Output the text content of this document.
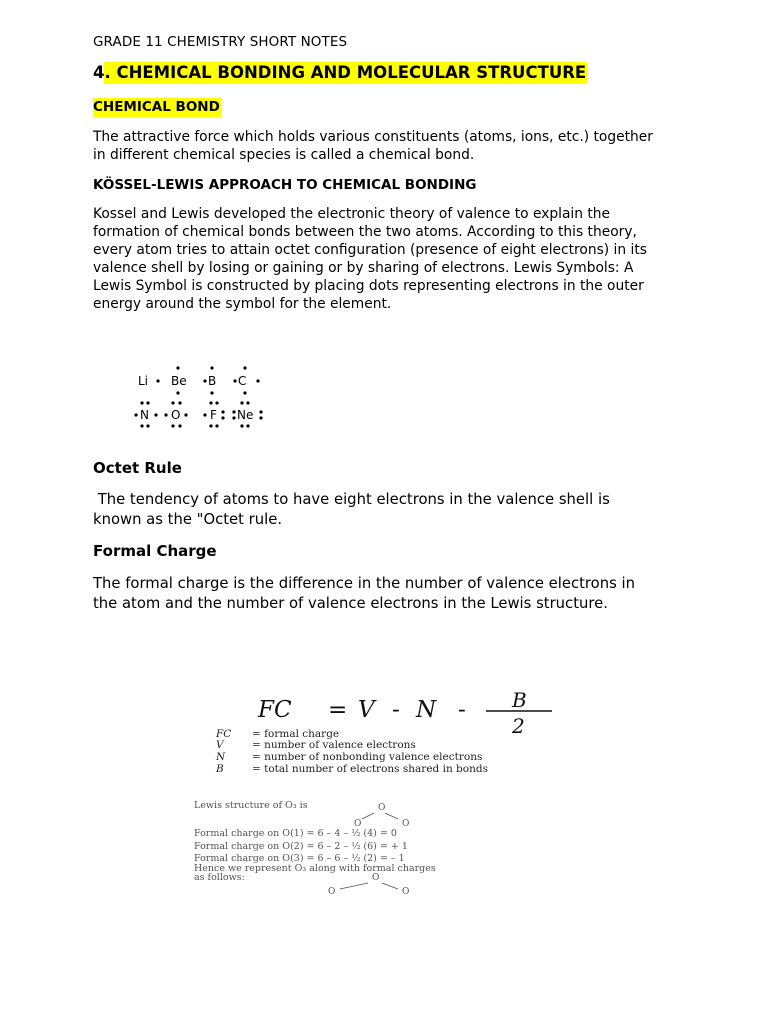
GRADE 11 CHEMISTRY SHORT NOTES
4. CHEMICAL BONDING AND MOLECULAR STRUCTURE
CHEMICAL BOND
The attractive force which holds various constituents (atoms, ions, etc.) together
in different chemical species is called a chemical bond.
KÖSSEL-LEWIS APPROACH TO CHEMICAL BONDING
Kossel and Lewis developed the electronic theory of valence to explain the
formation of chemical bonds between the two atoms. According to this theory,
every atom tries to attain octet configuration (presence of eight electrons) in its
valence shell by losing or gaining or by sharing of electrons. Lewis Symbols: A
Lewis Symbol is constructed by placing dots representing electrons in the outer
energy around the symbol for the element.
Li Be B C
N O F Ne
Octet Rule
The tendency of atoms to have eight electrons in the valence shell is
known as the "Octet rule.
Formal Charge
The formal charge is the difference in the number of valence electrons in
the atom and the number of valence electrons in the Lewis structure.
FC = V - N - B
2
FC = formal charge
V	= number of valence electrons
N	= number of nonbonding valence electrons
B	= total number of electrons shared in bonds
Lewis structure of O₃ is
Formal charge on O(1) = 6 – 4 – ½ (4) = 0
Formal charge on O(2) = 6 – 2 – ½ (6) = + 1
Formal charge on O(3) = 6 – 6 – ½ (2) = – 1
Hence we represent O₃ along with formal charges
as follows:
O
O	O
O
O	O
